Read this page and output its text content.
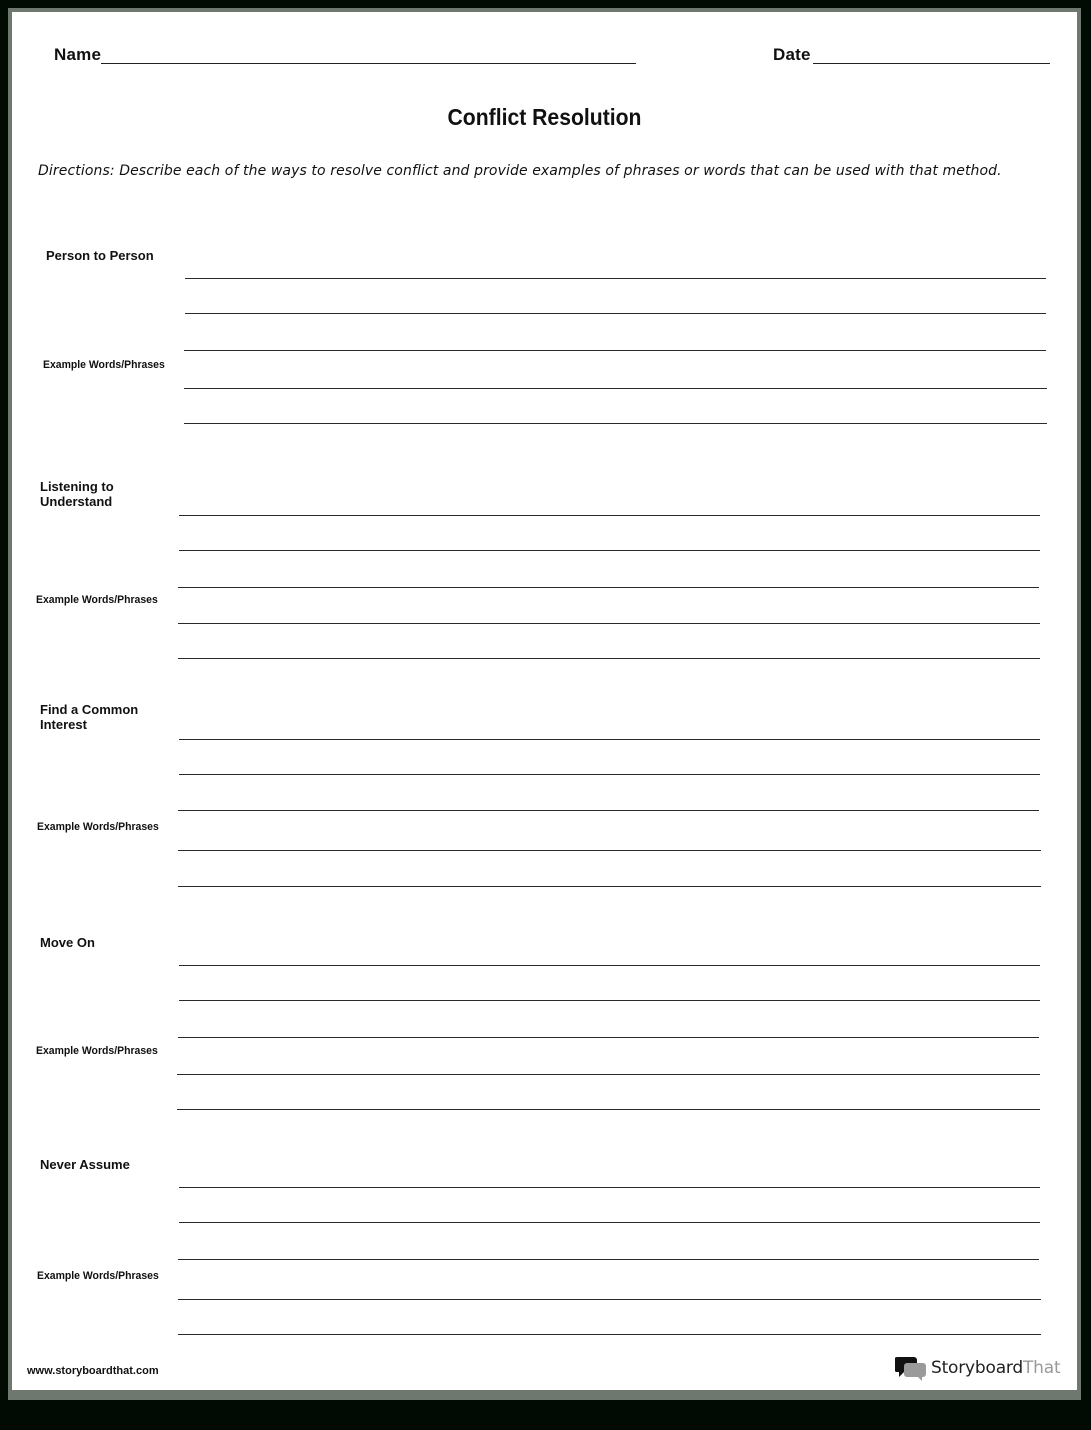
Name	Date
Conflict Resolution
Directions: Describe each of the ways to resolve conflict and provide examples of phrases or words that can be used with that method.
Person to Person
Example Words/Phrases
Listening to
Understand
Example Words/Phrases
Find a Common
Interest
Example Words/Phrases
Move On
Example Words/Phrases
Never Assume
Example Words/Phrases
www.storyboardthat.com	StoryboardThat
